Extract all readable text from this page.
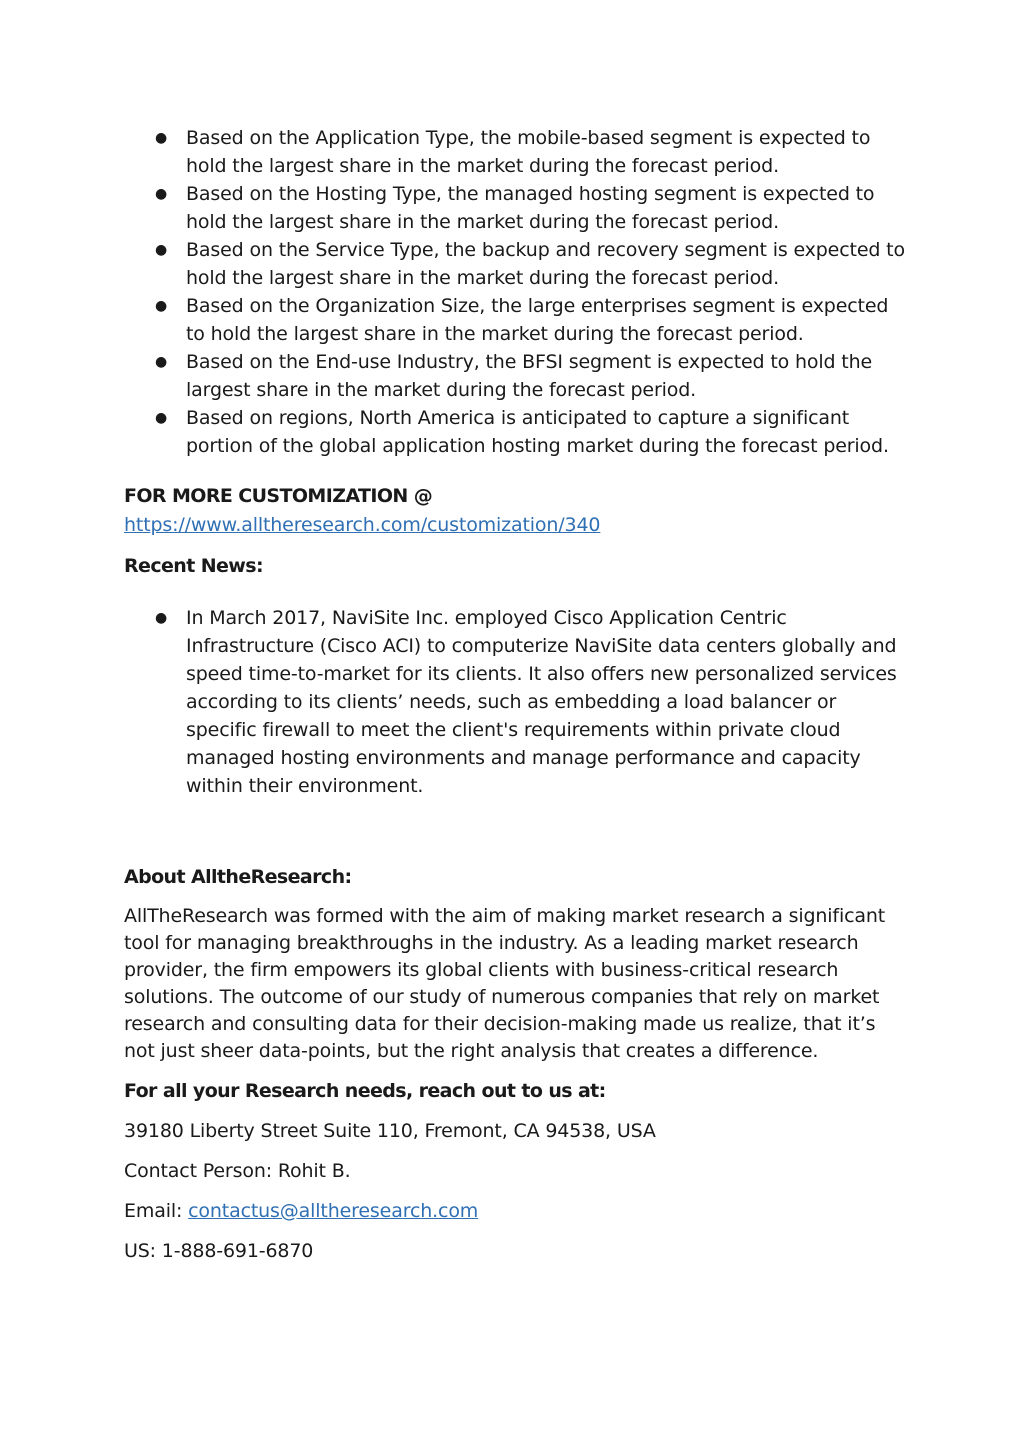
● Based on the Application Type, the mobile-based segment is expected to hold the largest share in the market during the forecast period.
● Based on the Hosting Type, the managed hosting segment is expected to hold the largest share in the market during the forecast period.
● Based on the Service Type, the backup and recovery segment is expected to hold the largest share in the market during the forecast period.
● Based on the Organization Size, the large enterprises segment is expected to hold the largest share in the market during the forecast period.
● Based on the End-use Industry, the BFSI segment is expected to hold the largest share in the market during the forecast period.
● Based on regions, North America is anticipated to capture a significant portion of the global application hosting market during the forecast period.
FOR MORE CUSTOMIZATION @ https://www.alltheresearch.com/customization/340
Recent News:
● In March 2017, NaviSite Inc. employed Cisco Application Centric Infrastructure (Cisco ACI) to computerize NaviSite data centers globally and speed time-to-market for its clients. It also offers new personalized services according to its clients’ needs, such as embedding a load balancer or specific firewall to meet the client's requirements within private cloud managed hosting environments and manage performance and capacity within their environment.
About AlltheResearch:
AllTheResearch was formed with the aim of making market research a significant tool for managing breakthroughs in the industry. As a leading market research provider, the firm empowers its global clients with business-critical research solutions. The outcome of our study of numerous companies that rely on market research and consulting data for their decision-making made us realize, that it’s not just sheer data-points, but the right analysis that creates a difference.
For all your Research needs, reach out to us at:
39180 Liberty Street Suite 110, Fremont, CA 94538, USA
Contact Person: Rohit B.
Email: contactus@alltheresearch.com
US: 1-888-691-6870
